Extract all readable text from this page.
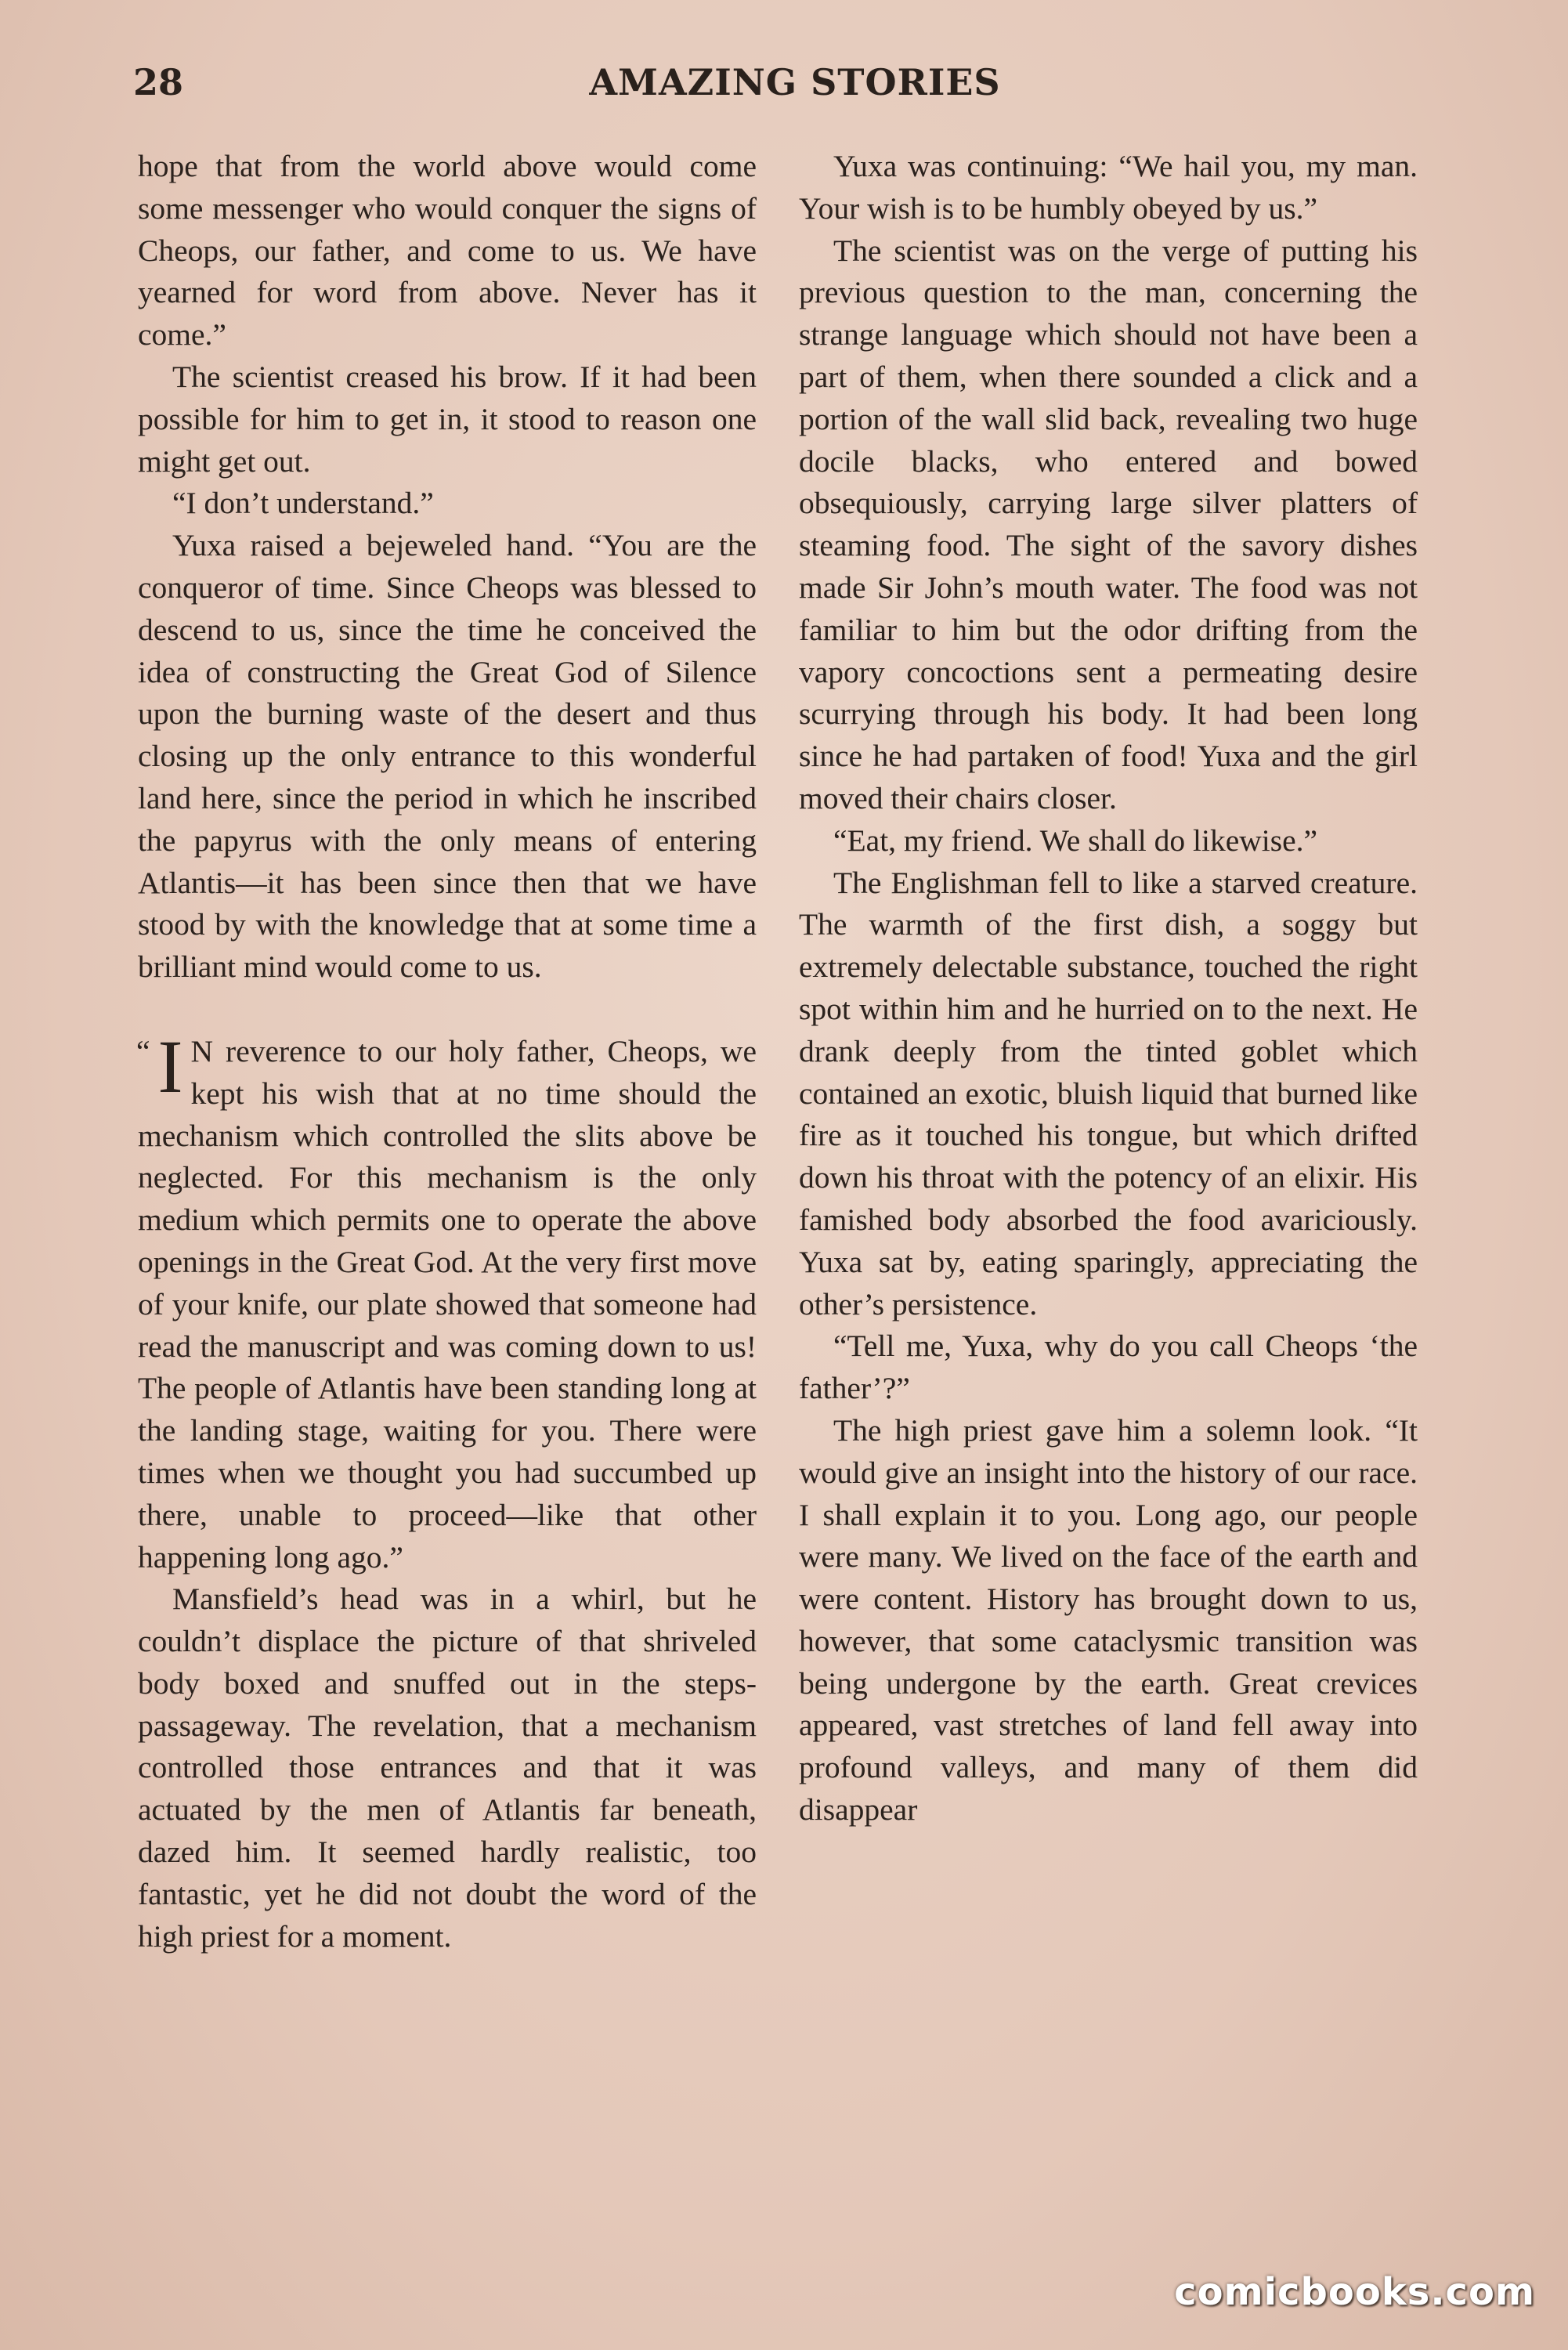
28	AMAZING STORIES

hope that from the world above would come some messenger who would conquer the signs of Cheops, our father, and come to us. We have yearned for word from above. Never has it come.”

The scientist creased his brow. If it had been possible for him to get in, it stood to reason one might get out.

“I don’t understand.”

Yuxa raised a bejeweled hand. “You are the conqueror of time. Since Cheops was blessed to descend to us, since the time he conceived the idea of constructing the Great God of Silence upon the burning waste of the desert and thus closing up the only entrance to this wonderful land here, since the period in which he inscribed the papyrus with the only means of entering Atlantis—it has been since then that we have stood by with the knowledge that at some time a brilliant mind would come to us.

“ I N reverence to our holy father, Cheops, we kept his wish that at no time should the mechanism which controlled the slits above be neglected. For this mechanism is the only medium which permits one to operate the above openings in the Great God. At the very first move of your knife, our plate showed that someone had read the manuscript and was coming down to us! The people of Atlantis have been standing long at the landing stage, waiting for you. There were times when we thought you had succumbed up there, unable to proceed—like that other happening long ago.”

Mansfield’s head was in a whirl, but he couldn’t displace the picture of that shriveled body boxed and snuffed out in the steps-passageway. The revelation, that a mechanism controlled those entrances and that it was actuated by the men of Atlantis far beneath, dazed him. It seemed hardly realistic, too fantastic, yet he did not doubt the word of the high priest for a moment.

Yuxa was continuing: “We hail you, my man. Your wish is to be humbly obeyed by us.”

The scientist was on the verge of putting his previous question to the man, concerning the strange language which should not have been a part of them, when there sounded a click and a portion of the wall slid back, revealing two huge docile blacks, who entered and bowed obsequiously, carrying large silver platters of steaming food. The sight of the savory dishes made Sir John’s mouth water. The food was not familiar to him but the odor drifting from the vapory concoctions sent a permeating desire scurrying through his body. It had been long since he had partaken of food! Yuxa and the girl moved their chairs closer.

“Eat, my friend. We shall do likewise.”

The Englishman fell to like a starved creature. The warmth of the first dish, a soggy but extremely delectable substance, touched the right spot within him and he hurried on to the next. He drank deeply from the tinted goblet which contained an exotic, bluish liquid that burned like fire as it touched his tongue, but which drifted down his throat with the potency of an elixir. His famished body absorbed the food avariciously. Yuxa sat by, eating sparingly, appreciating the other’s persistence.

“Tell me, Yuxa, why do you call Cheops ‘the father’?”

The high priest gave him a solemn look. “It would give an insight into the history of our race. I shall explain it to you. Long ago, our people were many. We lived on the face of the earth and were content. History has brought down to us, however, that some cataclysmic transition was being undergone by the earth. Great crevices appeared, vast stretches of land fell away into profound valleys, and many of them did disappear

comicbooks.com
